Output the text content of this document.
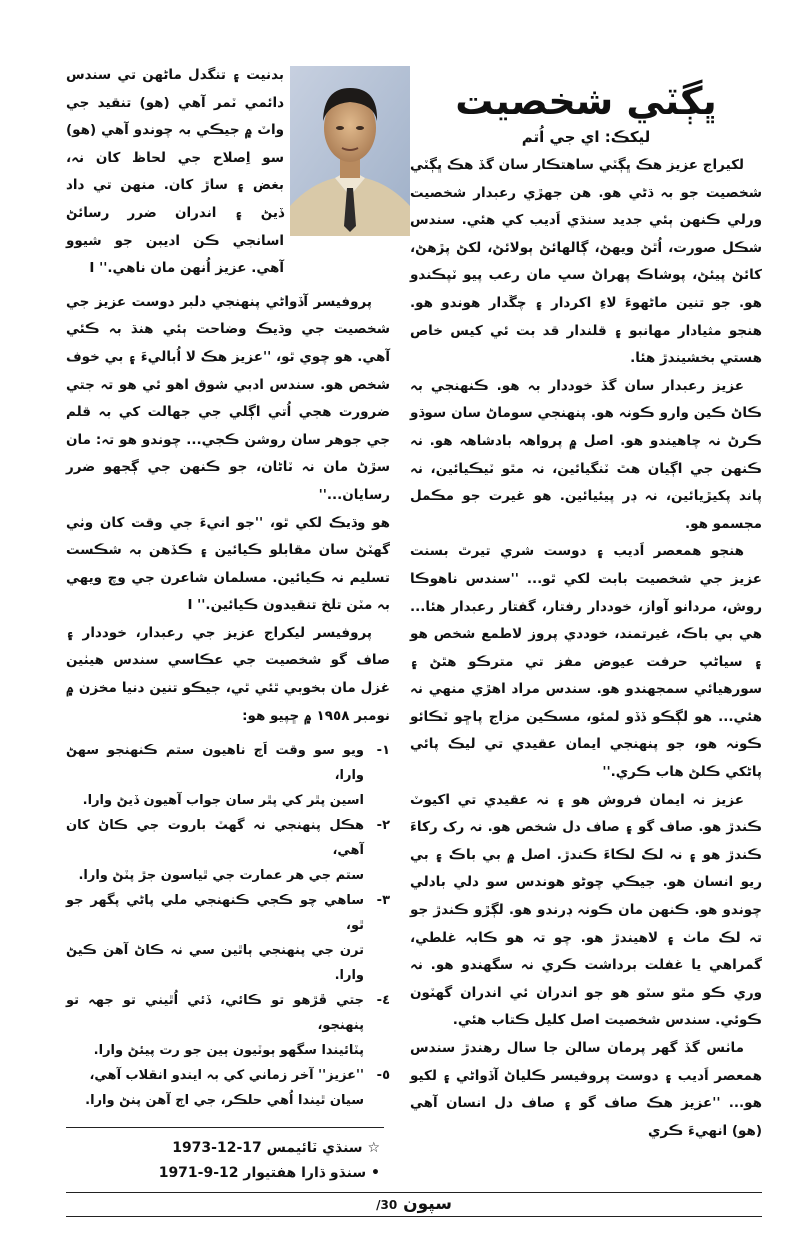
بدنيت ۽ تنگدل ماڻهن تي سندس دائمي ٽمر آهي (هو) تنقيد جي واٽ ۾ جيڪي بہ چوندو آهي (هو) سو اِصلاح جي لحاظ کان نہ، بغض ۽ ساڙ کان. منهن تي داد ڏيڻ ۽ اندران ضرر رسائڻ اسانجي ڪن اديبن جو شيوو آهي. عزيز اُنهن مان ناهي.'' I

پروفيسر آڏواڻي پنهنجي دلبر دوست عزيز جي شخصيت جي وڌيڪ وضاحت ٻئي هنڌ بہ ڪئي آهي. هو چوي ٿو، ''عزيز هڪ لا اُباليءَ ۽ بي خوف شخص هو. سندس ادبي شوق اهو ئي هو تہ جتي ضرورت هجي اُتي اڳلي جي جهالت کي بہ قلم جي جوهر سان روشن ڪجي... چوندو هو تہ: مان سڙڻ مان نہ ٽاڻان، جو ڪنهن جي ڳجهو ضرر رسايان...''

هو وڌيڪ لکي ٿو، ''جو انيءَ جي وقت کان وٺي گهٽڻ سان مقابلو ڪيائين ۽ ڪڏهن بہ شڪست تسليم نہ ڪيائين. مسلمان شاعرن جي وچ ويهي بہ مٽن تلخ تنقيدون ڪيائين.'' I

پروفيسر ليکراج عزيز جي رعبدار، خوددار ۽ صاف گو شخصيت جي عڪاسي سندس هيٺين غزل مان بخوبي ٿئي ٿي، جيڪو تنين دنيا مخزن ۾ نومبر ١٩٥٨ ۾ ڇپيو هو:

١-
ويو سو وقت اَڄ ناهيون ستم ڪنهنجو سهڻ وارا،
اسين پٿر کي پٿر سان جواب آهيون ڏيڻ وارا.
٢-
هڪل پنهنجي نہ گهٽ باروت جي ڪاڻ کان آهي،
ستم جي هر عمارت جي ٿياسون جڙ پٽڻ وارا.
٣-
ساهي چو ڪجي ڪنهنجي ملي پاڻي پگهر جو ٿو،
ترن جي پنهنجي ٻاٿين سي نہ ڪاڻ آهن ڪيڻ وارا.
٤-
جتي ڦڙهو تو ڪائي، ڏئي اُٿيني تو جهہ تو پنهنجو،
پٽائيندا سگهو ٻوٽيون ٻين جو رت پيئڻ وارا.
٥-
''عزيز'' آخر زماني کي بہ ايندو انقلاب آهي،
سيان ٿيندا اُهي حلڪر، جي اڄ آهن پنڻ وارا.
☆ سنڌي ٽائيمس 17-12-1973
• سنڌو ڌارا هفتيوار 12-9-1971
ڀڳٽي شخصيت
ليکڪ: اي جي اُتم

لکيراج عزيز هڪ ڀڳٽي ساهتڪار سان گڏ هڪ ڀڳٽي شخصيت جو بہ ڌڻي هو. هن جهڙي رعبدار شخصيت ورلي ڪنهن ٻئي جديد سنڌي اَديب کي هئي. سندس شڪل صورت، اُٿڻ ويهڻ، ڳالهائڻ ٻولائڻ، لکڻ پڙهڻ، کائڻ پيئڻ، پوشاڪ پهراڻ سڀ مان رعب پيو ٽپڪندو هو. جو تنين ماڻهوءَ لاءِ اکردار ۽ چڱدار هوندو هو. هنجو مثيادار مهانبو ۽ قلندار قد بت ئي کيس خاص هستي بخشيندڙ هئا.

عزيز رعبدار سان گڏ خوددار بہ هو. ڪنهنجي بہ ڪاڻ ڪين وارو ڪونہ هو. پنهنجي سوماڻ سان سوڌو ڪرڻ نہ چاهيندو هو. اصل ۾ پرواهہ بادشاهہ هو. نہ ڪنهن جي اڳيان هٿ ٽنگيائين، نہ مٿو ٽيڪيائين، نہ پاند پکيڙيائين، نہ ڊر پيئيائين. هو غيرت جو مڪمل مجسمو هو.

هنجو همعصر اَديب ۽ دوست شري تيرٿ بسنت عزيز جي شخصيت بابت لکي ٿو... ''سندس ناهوڪا روش، مردانو آواز، خوددار رفتار، گفتار رعبدار هئا... هي بي باڪ، غيرتمند، خوددي پروز لاطمع شخص هو ۽ سياڻپ حرفت عيوض مفز تي مترڪو هٿڻ ۽ سورهيائي سمجهندو هو. سندس مراد اهڙي منهي نہ هئي... هو لڳڪو ڏڏو لمئو، مسڪين مزاج پاڇو ٽڪائو ڪونہ هو، جو پنهنجي ايمان عقيدي تي ليڪ پائي پاڻکي ڪلڻ هاب ڪري.''

عزيز نہ ايمان فروش هو ۽ نہ عقيدي تي اکيوٽ ڪندڙ هو. صاف گو ۽ صاف دل شخص هو. نہ رک رکاءَ ڪندڙ هو ۽ نہ لڪ لڪاءَ ڪندڙ. اصل ۾ بي باڪ ۽ بي ريو انسان هو. جيڪي چوڻو هوندس سو دلي بادلي چوندو هو. ڪنهن مان ڪونہ ڊرندو هو. لڳڙو ڪندڙ جو تہ لڪ ماٺ ۽ لاهيندڙ هو. چو تہ هو ڪابہ غلطي، گمراهي يا غفلت برداشت ڪري نہ سگهندو هو. نہ وري ڪو مٿو سٽو هو جو اندران ئي اندران گهٽون ڪوئي. سندس شخصيت اصل کليل ڪتاب هئي.

ماٺس گڏ گهر پرمان سالن جا سال رهندڙ سندس همعصر اَديب ۽ دوست پروفيسر ڪلياڻ آڏواڻي ۽ لکيو هو... ''عزيز هڪ صاف گو ۽ صاف دل انسان آهي (هو) انهيءَ ڪري

سپون 30/
